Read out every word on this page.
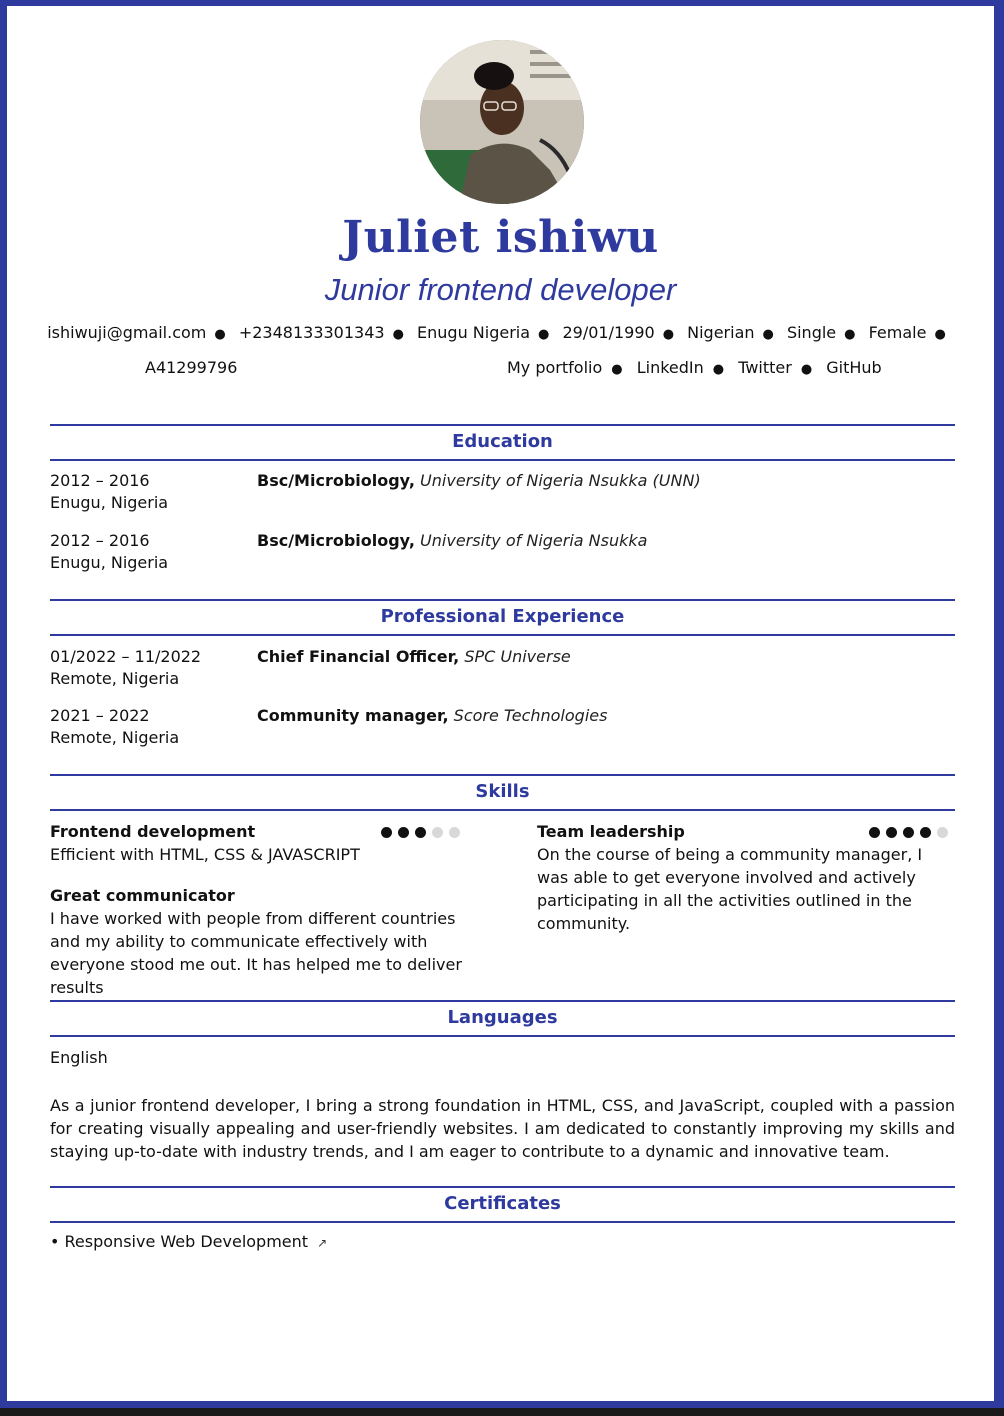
Juliet ishiwu
Junior frontend developer
ishiwuji@gmail.com ● +2348133301343 ● Enugu Nigeria ● 29/01/1990 ● Nigerian ● Single ● Female ●
A41299796	My portfolio ● LinkedIn ● Twitter ● GitHub
Education
2012 – 2016
Enugu, Nigeria
Bsc/Microbiology, University of Nigeria Nsukka (UNN)
2012 – 2016
Enugu, Nigeria
Bsc/Microbiology, University of Nigeria Nsukka
Professional Experience
01/2022 – 11/2022
Remote, Nigeria
Chief Financial Officer, SPC Universe
2021 – 2022
Remote, Nigeria
Community manager, Score Technologies
Skills
Frontend development
Efficient with HTML, CSS & JAVASCRIPT
Team leadership
On the course of being a community manager, I was able to get everyone involved and actively participating in all the activities outlined in the community.
Great communicator
I have worked with people from different countries and my ability to communicate effectively with everyone stood me out. It has helped me to deliver results
Languages
English
As a junior frontend developer, I bring a strong foundation in HTML, CSS, and JavaScript, coupled with a passion for creating visually appealing and user-friendly websites. I am dedicated to constantly improving my skills and staying up-to-date with industry trends, and I am eager to contribute to a dynamic and innovative team.
Certificates
• Responsive Web Development ↗
